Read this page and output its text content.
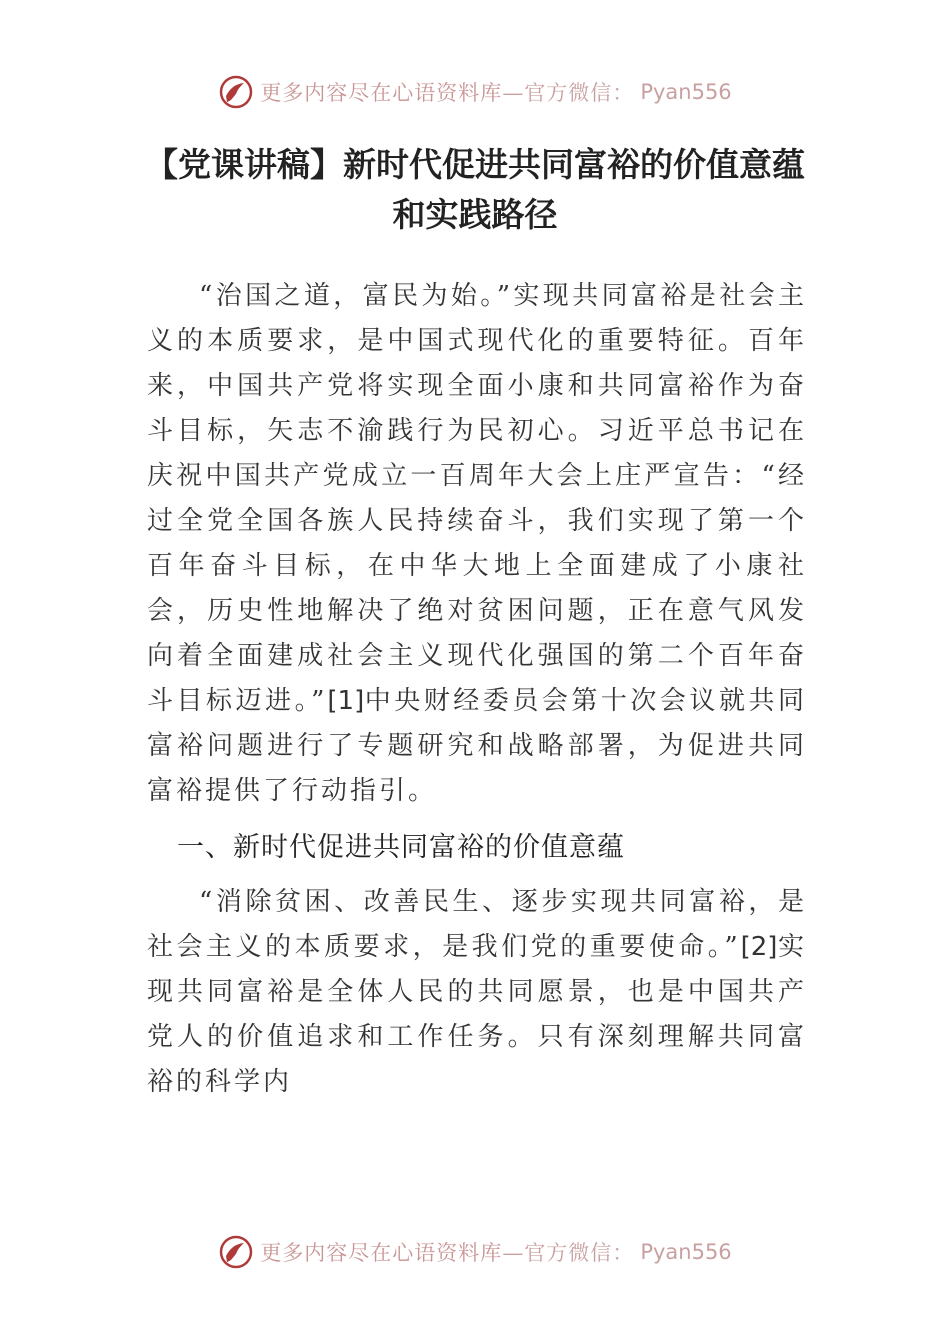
更多内容尽在心语资料库—官方微信： Pyan556
【党课讲稿】新时代促进共同富裕的价值意蕴
和实践路径

“治国之道，富民为始。”实现共同富裕是社会主义的本质要求，是中国式现代化的重要特征。百年来，中国共产党将实现全面小康和共同富裕作为奋斗目标，矢志不渝践行为民初心。习近平总书记在庆祝中国共产党成立一百周年大会上庄严宣告：“经过全党全国各族人民持续奋斗，我们实现了第一个百年奋斗目标，在中华大地上全面建成了小康社会，历史性地解决了绝对贫困问题，正在意气风发向着全面建成社会主义现代化强国的第二个百年奋斗目标迈进。”[1]中央财经委员会第十次会议就共同富裕问题进行了专题研究和战略部署，为促进共同富裕提供了行动指引。

一、新时代促进共同富裕的价值意蕴

“消除贫困、改善民生、逐步实现共同富裕，是社会主义的本质要求，是我们党的重要使命。”[2]实现共同富裕是全体人民的共同愿景，也是中国共产党人的价值追求和工作任务。只有深刻理解共同富裕的科学内

更多内容尽在心语资料库—官方微信： Pyan556
